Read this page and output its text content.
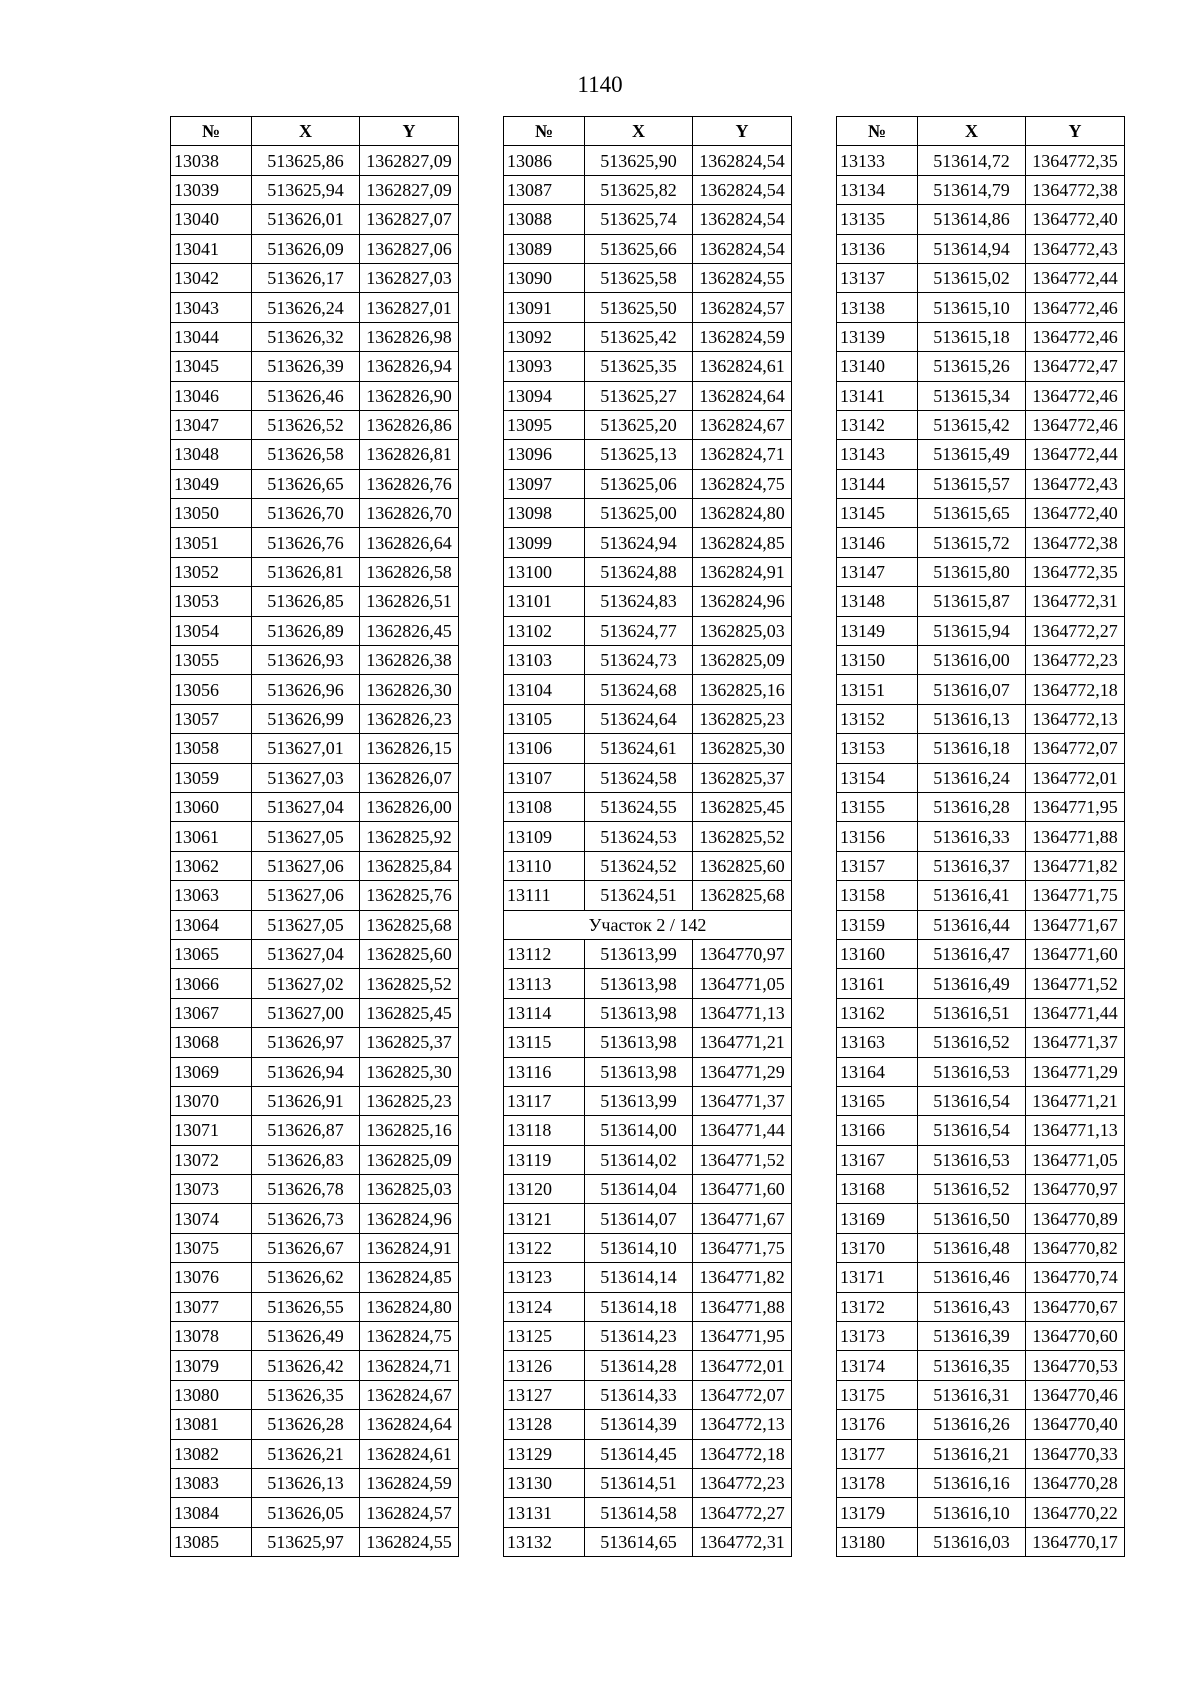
1140
№	X	Y
13038	513625,86	1362827,09
13039	513625,94	1362827,09
13040	513626,01	1362827,07
13041	513626,09	1362827,06
13042	513626,17	1362827,03
13043	513626,24	1362827,01
13044	513626,32	1362826,98
13045	513626,39	1362826,94
13046	513626,46	1362826,90
13047	513626,52	1362826,86
13048	513626,58	1362826,81
13049	513626,65	1362826,76
13050	513626,70	1362826,70
13051	513626,76	1362826,64
13052	513626,81	1362826,58
13053	513626,85	1362826,51
13054	513626,89	1362826,45
13055	513626,93	1362826,38
13056	513626,96	1362826,30
13057	513626,99	1362826,23
13058	513627,01	1362826,15
13059	513627,03	1362826,07
13060	513627,04	1362826,00
13061	513627,05	1362825,92
13062	513627,06	1362825,84
13063	513627,06	1362825,76
13064	513627,05	1362825,68
13065	513627,04	1362825,60
13066	513627,02	1362825,52
13067	513627,00	1362825,45
13068	513626,97	1362825,37
13069	513626,94	1362825,30
13070	513626,91	1362825,23
13071	513626,87	1362825,16
13072	513626,83	1362825,09
13073	513626,78	1362825,03
13074	513626,73	1362824,96
13075	513626,67	1362824,91
13076	513626,62	1362824,85
13077	513626,55	1362824,80
13078	513626,49	1362824,75
13079	513626,42	1362824,71
13080	513626,35	1362824,67
13081	513626,28	1362824,64
13082	513626,21	1362824,61
13083	513626,13	1362824,59
13084	513626,05	1362824,57
13085	513625,97	1362824,55
№	X	Y
13086	513625,90	1362824,54
13087	513625,82	1362824,54
13088	513625,74	1362824,54
13089	513625,66	1362824,54
13090	513625,58	1362824,55
13091	513625,50	1362824,57
13092	513625,42	1362824,59
13093	513625,35	1362824,61
13094	513625,27	1362824,64
13095	513625,20	1362824,67
13096	513625,13	1362824,71
13097	513625,06	1362824,75
13098	513625,00	1362824,80
13099	513624,94	1362824,85
13100	513624,88	1362824,91
13101	513624,83	1362824,96
13102	513624,77	1362825,03
13103	513624,73	1362825,09
13104	513624,68	1362825,16
13105	513624,64	1362825,23
13106	513624,61	1362825,30
13107	513624,58	1362825,37
13108	513624,55	1362825,45
13109	513624,53	1362825,52
13110	513624,52	1362825,60
13111	513624,51	1362825,68
Участок 2 / 142		
13112	513613,99	1364770,97
13113	513613,98	1364771,05
13114	513613,98	1364771,13
13115	513613,98	1364771,21
13116	513613,98	1364771,29
13117	513613,99	1364771,37
13118	513614,00	1364771,44
13119	513614,02	1364771,52
13120	513614,04	1364771,60
13121	513614,07	1364771,67
13122	513614,10	1364771,75
13123	513614,14	1364771,82
13124	513614,18	1364771,88
13125	513614,23	1364771,95
13126	513614,28	1364772,01
13127	513614,33	1364772,07
13128	513614,39	1364772,13
13129	513614,45	1364772,18
13130	513614,51	1364772,23
13131	513614,58	1364772,27
13132	513614,65	1364772,31
№	X	Y
13133	513614,72	1364772,35
13134	513614,79	1364772,38
13135	513614,86	1364772,40
13136	513614,94	1364772,43
13137	513615,02	1364772,44
13138	513615,10	1364772,46
13139	513615,18	1364772,46
13140	513615,26	1364772,47
13141	513615,34	1364772,46
13142	513615,42	1364772,46
13143	513615,49	1364772,44
13144	513615,57	1364772,43
13145	513615,65	1364772,40
13146	513615,72	1364772,38
13147	513615,80	1364772,35
13148	513615,87	1364772,31
13149	513615,94	1364772,27
13150	513616,00	1364772,23
13151	513616,07	1364772,18
13152	513616,13	1364772,13
13153	513616,18	1364772,07
13154	513616,24	1364772,01
13155	513616,28	1364771,95
13156	513616,33	1364771,88
13157	513616,37	1364771,82
13158	513616,41	1364771,75
13159	513616,44	1364771,67
13160	513616,47	1364771,60
13161	513616,49	1364771,52
13162	513616,51	1364771,44
13163	513616,52	1364771,37
13164	513616,53	1364771,29
13165	513616,54	1364771,21
13166	513616,54	1364771,13
13167	513616,53	1364771,05
13168	513616,52	1364770,97
13169	513616,50	1364770,89
13170	513616,48	1364770,82
13171	513616,46	1364770,74
13172	513616,43	1364770,67
13173	513616,39	1364770,60
13174	513616,35	1364770,53
13175	513616,31	1364770,46
13176	513616,26	1364770,40
13177	513616,21	1364770,33
13178	513616,16	1364770,28
13179	513616,10	1364770,22
13180	513616,03	1364770,17
